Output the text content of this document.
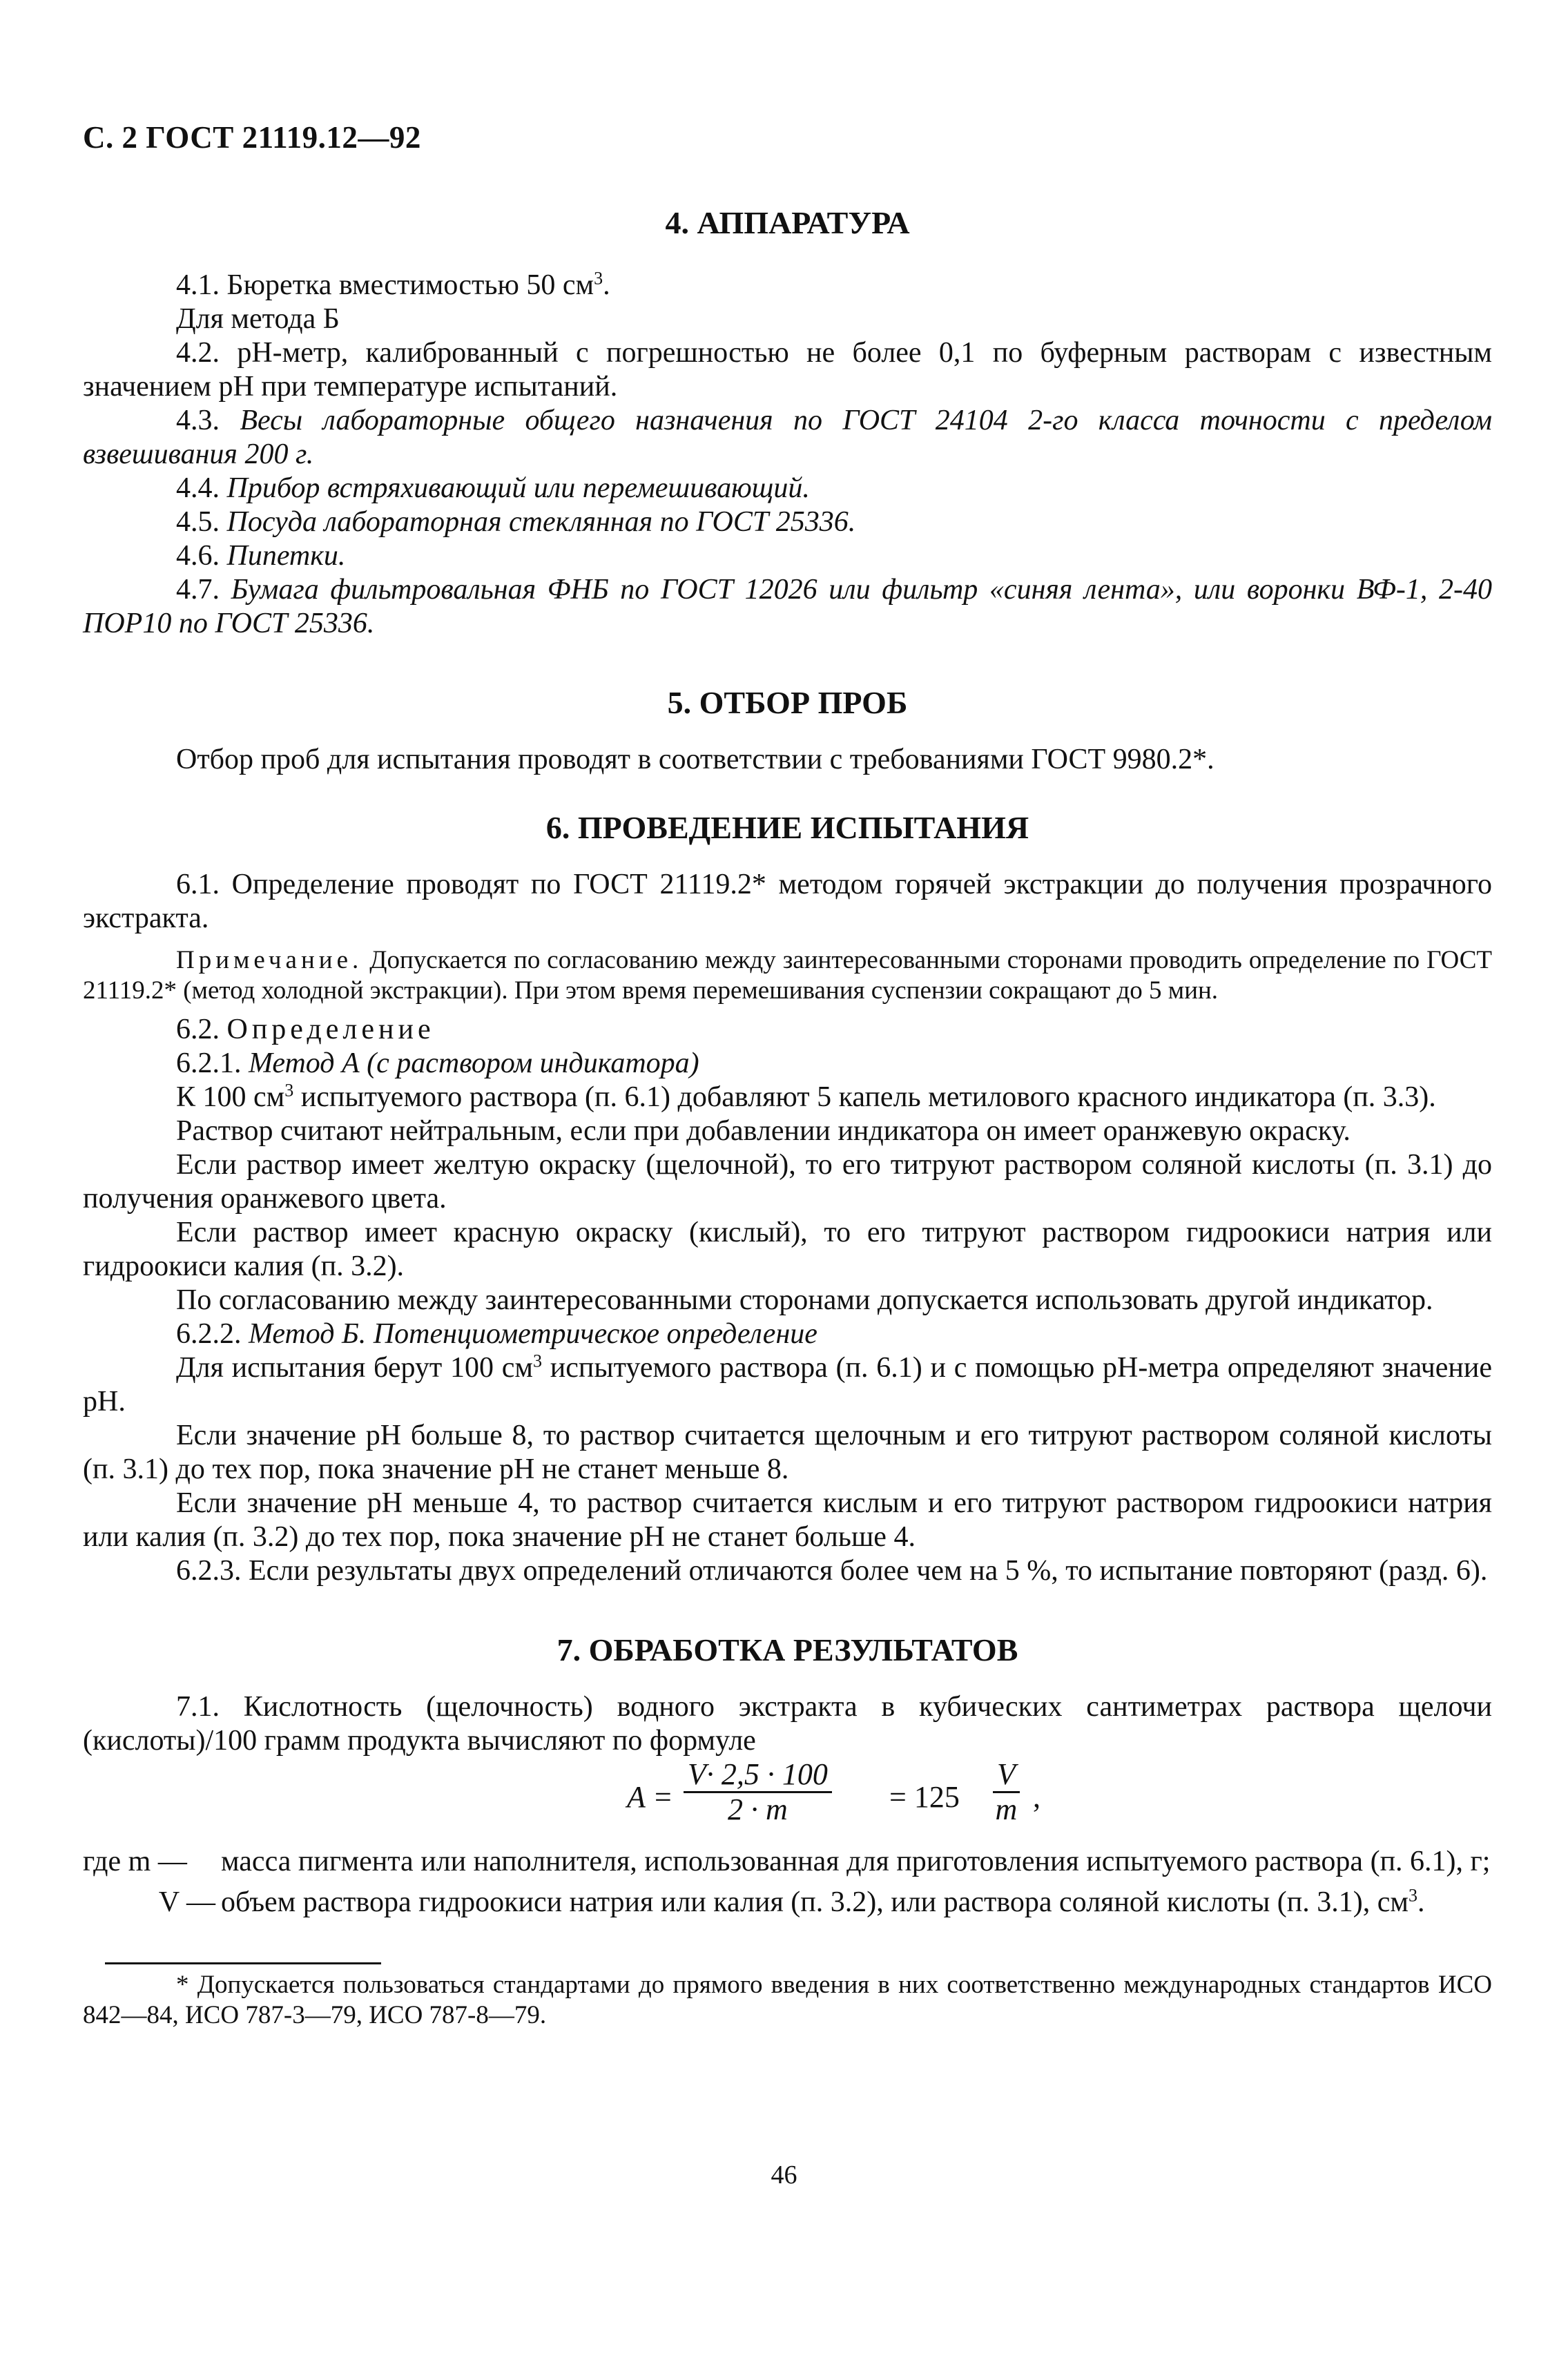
С. 2 ГОСТ 21119.12—92
4. АППАРАТУРА

4.1. Бюретка вместимостью 50 $см^3$.

Для метода Б

4.2. рН-метр, калиброванный с погрешностью не более 0,1 по буферным растворам с известным значением рН при температуре испытаний.

4.3. Весы лабораторные общего назначения по ГОСТ 24104 2-го класса точности с пределом взвешивания 200 г.

4.4. Прибор встряхивающий или перемешивающий.

4.5. Посуда лабораторная стеклянная по ГОСТ 25336.

4.6. Пипетки.

4.7. Бумага фильтровальная ФНБ по ГОСТ 12026 или фильтр «синяя лента», или воронки ВФ-1, 2-40 ПОР10 по ГОСТ 25336.

5. ОТБОР ПРОБ

Отбор проб для испытания проводят в соответствии с требованиями ГОСТ 9980.2*.

6. ПРОВЕДЕНИЕ ИСПЫТАНИЯ

6.1. Определение проводят по ГОСТ 21119.2* методом горячей экстракции до получения прозрачного экстракта.

Примечание. Допускается по согласованию между заинтересованными сторонами проводить определение по ГОСТ 21119.2* (метод холодной экстракции). При этом время перемешивания суспензии сокращают до 5 мин.

6.2. Определение

6.2.1. Метод А (с раствором индикатора)

К 100 $см^3$ испытуемого раствора (п. 6.1) добавляют 5 капель метилового красного индикатора (п. 3.3).

Раствор считают нейтральным, если при добавлении индикатора он имеет оранжевую окраску.

Если раствор имеет желтую окраску (щелочной), то его титруют раствором соляной кислоты (п. 3.1) до получения оранжевого цвета.

Если раствор имеет красную окраску (кислый), то его титруют раствором гидроокиси натрия или гидроокиси калия (п. 3.2).

По согласованию между заинтересованными сторонами допускается использовать другой индикатор.

6.2.2. Метод Б. Потенциометрическое определение

Для испытания берут 100 $см^3$ испытуемого раствора (п. 6.1) и с помощью рН-метра определяют значение рН.

Если значение рН больше 8, то раствор считается щелочным и его титруют раствором соляной кислоты (п. 3.1) до тех пор, пока значение рН не станет меньше 8.

Если значение рН меньше 4, то раствор считается кислым и его титруют раствором гидроокиси натрия или калия (п. 3.2) до тех пор, пока значение рН не станет больше 4.

6.2.3. Если результаты двух определений отличаются более чем на 5 %, то испытание повторяют (разд. 6).

7. ОБРАБОТКА РЕЗУЛЬТАТОВ

7.1. Кислотность (щелочность) водного экстракта в кубических сантиметрах раствора щелочи (кислоты)/100 грамм продукта вычисляют по формуле

$A = \frac{V\cdot 2,5 \cdot 100}{2 \cdot m} = 125 \frac{V}{m}$ ,
где m —	масса пигмента или наполнителя, использованная для приготовления испытуемого раствора (п. 6.1), г;
V — объем раствора гидроокиси натрия или калия (п. 3.2), или раствора соляной кислоты (п. 3.1), $см^3$.

* Допускается пользоваться стандартами до прямого введения в них соответственно международных стандартов ИСО 842—84, ИСО 787-3—79, ИСО 787-8—79.

46
